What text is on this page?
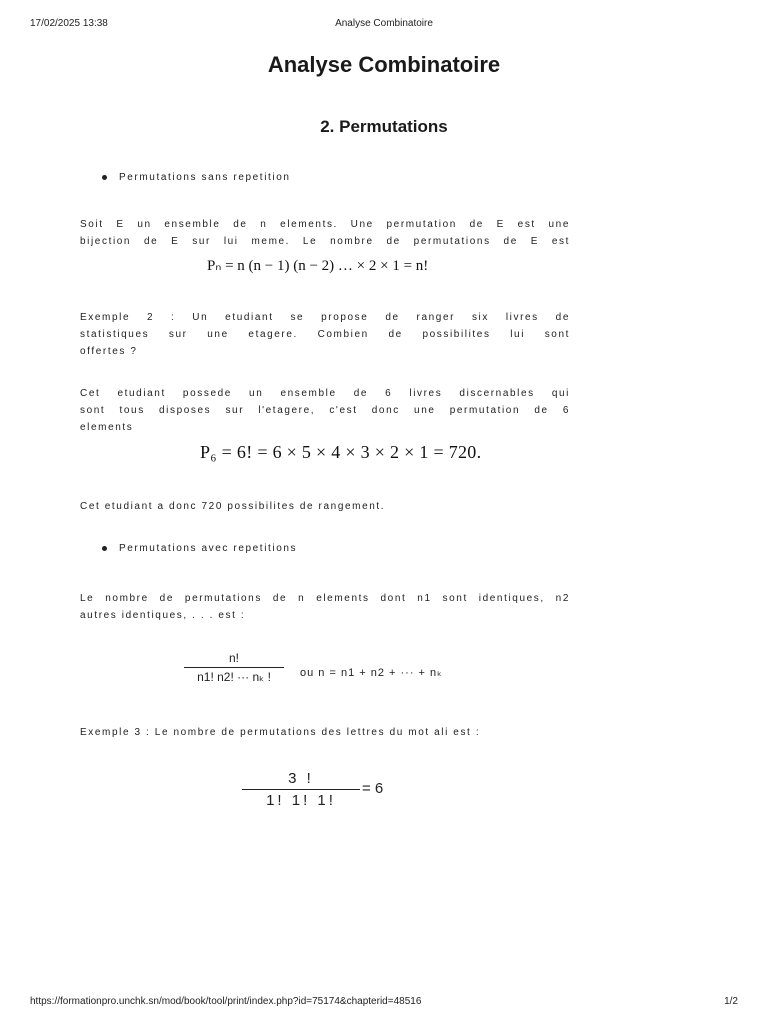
17/02/2025 13:38	Analyse Combinatoire
Analyse Combinatoire
2. Permutations
Permutations sans repetition
Soit E un ensemble de n elements. Une permutation de E est une
bijection de E sur lui meme. Le nombre de permutations de E est
Pₙ = n (n − 1) (n − 2) … × 2 × 1 = n!
Exemple 2 : Un etudiant se propose de ranger six livres de
statistiques sur une etagere. Combien de possibilites lui sont
offertes ?
Cet etudiant possede un ensemble de 6 livres discernables qui
sont tous disposes sur l'etagere, c'est donc une permutation de 6
elements
P₆ = 6! = 6 × 5 × 4 × 3 × 2 × 1 = 720.
Cet etudiant a donc 720 possibilites de rangement.
Permutations avec repetitions
Le nombre de permutations de n elements dont n1 sont identiques, n2
autres identiques, . . . est :
n!
n1! n2! ··· nₖ !	ou n = n1 + n2 + ··· + nₖ
Exemple 3 : Le nombre de permutations des lettres du mot ali est :
3 !
1! 1! 1!
= 6
https://formationpro.unchk.sn/mod/book/tool/print/index.php?id=75174&chapterid=48516	1/2
